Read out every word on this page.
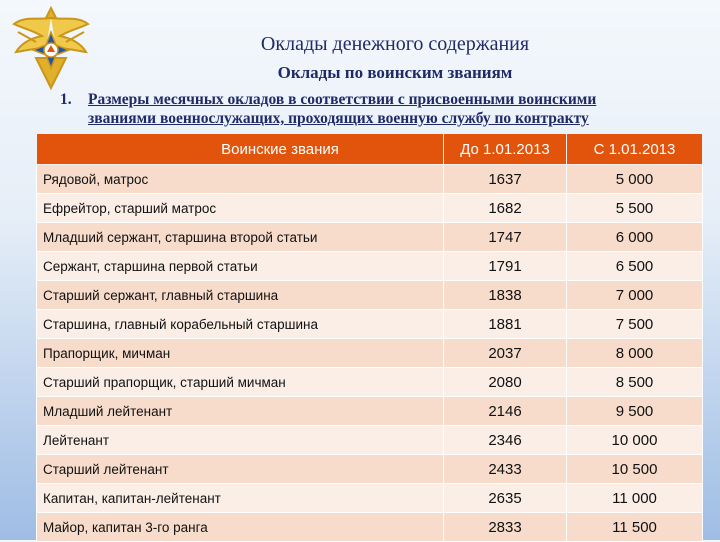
Оклады денежного содержания
Оклады по воинским званиям
1.	Размеры месячных окладов в соответствии с присвоенными воинскими
званиями военнослужащих, проходящих военную службу по контракту
Воинские звания	До 1.01.2013	С 1.01.2013
Рядовой, матрос	1637	5 000
Ефрейтор, старший матрос	1682	5 500
Младший сержант, старшина второй статьи	1747	6 000
Сержант, старшина первой статьи	1791	6 500
Старший сержант, главный старшина	1838	7 000
Старшина, главный корабельный старшина	1881	7 500
Прапорщик, мичман	2037	8 000
Старший прапорщик, старший мичман	2080	8 500
Младший лейтенант	2146	9 500
Лейтенант	2346	10 000
Старший лейтенант	2433	10 500
Капитан, капитан-лейтенант	2635	11 000
Майор, капитан 3-го ранга	2833	11 500
